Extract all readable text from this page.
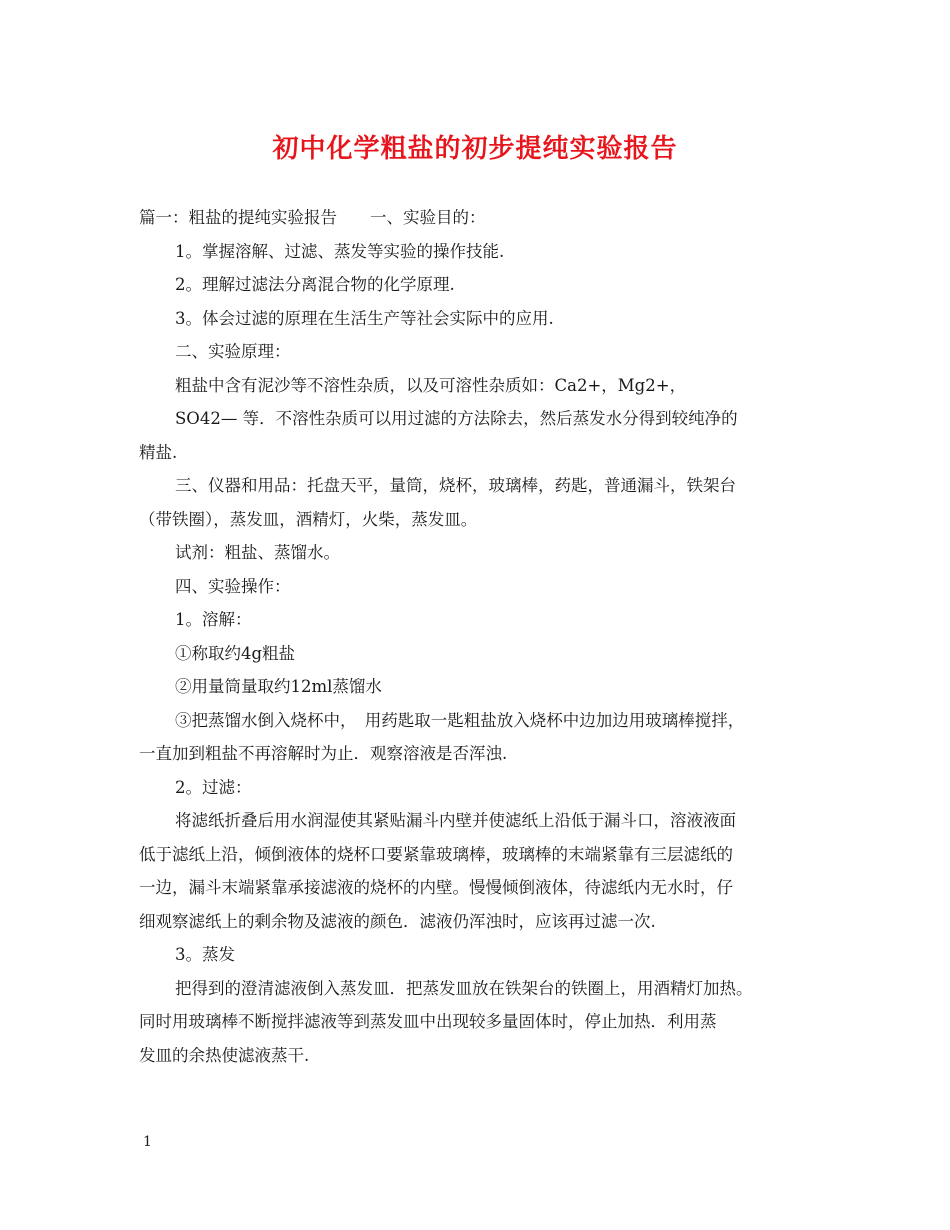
初中化学粗盐的初步提纯实验报告
篇一：粗盐的提纯实验报告　　一、实验目的：
1。掌握溶解、过滤、蒸发等实验的操作技能.
2。理解过滤法分离混合物的化学原理.
3。体会过滤的原理在生活生产等社会实际中的应用.
二、实验原理：
粗盐中含有泥沙等不溶性杂质，以及可溶性杂质如：Ca2+，Mg2+，
SO42— 等．不溶性杂质可以用过滤的方法除去，然后蒸发水分得到较纯净的
精盐.
三、仪器和用品：托盘天平，量筒，烧杯，玻璃棒，药匙，普通漏斗，铁架台
（带铁圈），蒸发皿，酒精灯，火柴，蒸发皿。
试剂：粗盐、蒸馏水。
四、实验操作：
1。溶解：
①称取约4g粗盐
②用量筒量取约12ml蒸馏水
③把蒸馏水倒入烧杯中，　用药匙取一匙粗盐放入烧杯中边加边用玻璃棒搅拌，
一直加到粗盐不再溶解时为止．观察溶液是否浑浊.
2。过滤：
将滤纸折叠后用水润湿使其紧贴漏斗内壁并使滤纸上沿低于漏斗口，溶液液面
低于滤纸上沿，倾倒液体的烧杯口要紧靠玻璃棒，玻璃棒的末端紧靠有三层滤纸的
一边，漏斗末端紧靠承接滤液的烧杯的内壁。慢慢倾倒液体，待滤纸内无水时，仔
细观察滤纸上的剩余物及滤液的颜色．滤液仍浑浊时，应该再过滤一次.
3。蒸发
把得到的澄清滤液倒入蒸发皿．把蒸发皿放在铁架台的铁圈上，用酒精灯加热。
同时用玻璃棒不断搅拌滤液等到蒸发皿中出现较多量固体时，停止加热．利用蒸
发皿的余热使滤液蒸干.
1
